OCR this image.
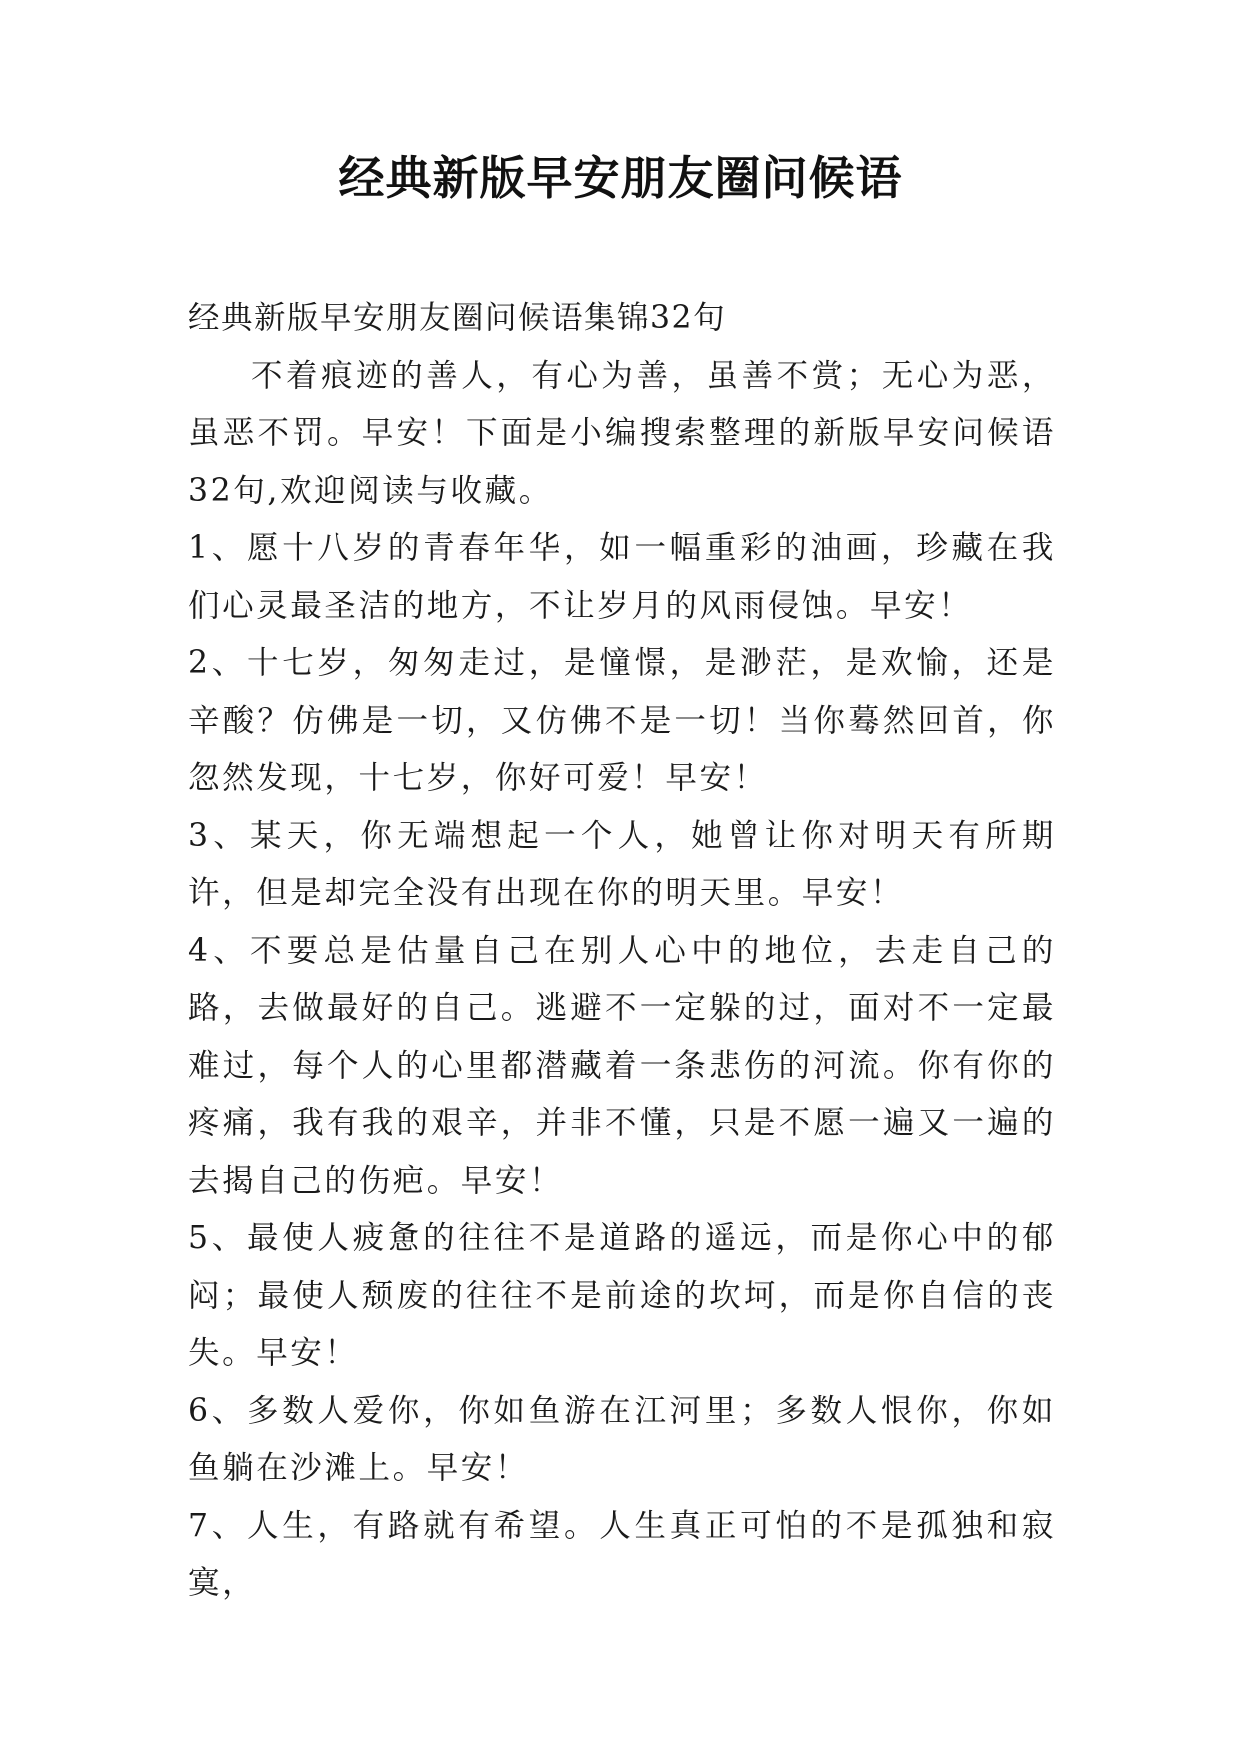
经典新版早安朋友圈问候语

经典新版早安朋友圈问候语集锦32句

不着痕迹的善人，有心为善，虽善不赏；无心为恶，虽恶不罚。早安！下面是小编搜索整理的新版早安问候语32句,欢迎阅读与收藏。

1、愿十八岁的青春年华，如一幅重彩的油画，珍藏在我们心灵最圣洁的地方，不让岁月的风雨侵蚀。早安！

2、十七岁，匆匆走过，是憧憬，是渺茫，是欢愉，还是辛酸？仿佛是一切，又仿佛不是一切！当你蓦然回首，你忽然发现，十七岁，你好可爱！早安！

3、某天，你无端想起一个人，她曾让你对明天有所期许，但是却完全没有出现在你的明天里。早安！

4、不要总是估量自己在别人心中的地位，去走自己的路，去做最好的自己。逃避不一定躲的过，面对不一定最难过，每个人的心里都潜藏着一条悲伤的河流。你有你的疼痛，我有我的艰辛，并非不懂，只是不愿一遍又一遍的去揭自己的伤疤。早安！

5、最使人疲惫的往往不是道路的遥远，而是你心中的郁闷；最使人颓废的往往不是前途的坎坷，而是你自信的丧失。早安！

6、多数人爱你，你如鱼游在江河里；多数人恨你，你如鱼躺在沙滩上。早安！

7、人生，有路就有希望。人生真正可怕的不是孤独和寂寞，
